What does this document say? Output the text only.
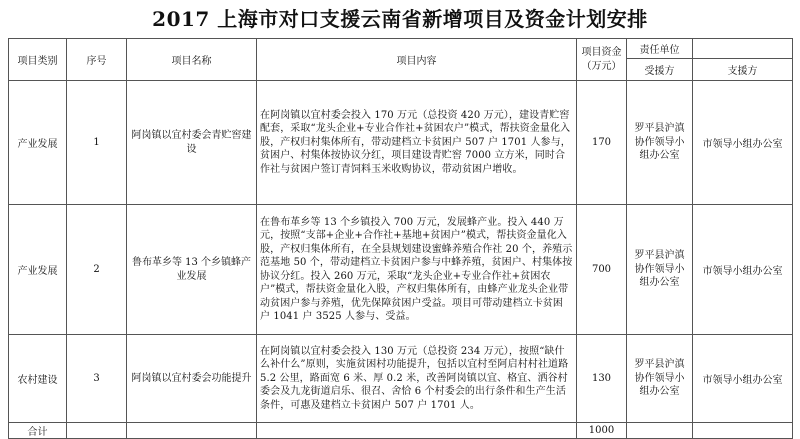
2017 上海市对口支援云南省新增项目及资金计划安排
项目类别	序号	项目名称	项目内容	项目资金（万元）	责任单位	
					受援方	支援方
产业发展	1	阿岗镇以宜村委会青贮窖建设	在阿岗镇以宜村委会投入 170 万元（总投资 420 万元），建设青贮窖配套，采取“龙头企业+专业合作社+贫困农户”模式，帮扶资金量化入股，产权归村集体所有，带动建档立卡贫困户 507 户 1701 人参与，贫困户、村集体按协议分红，项目建设青贮窖 7000 立方米，同时合作社与贫困户签订青饲料玉米收购协议，带动贫困户增收。	170	罗平县沪滇协作领导小组办公室	市领导小组办公室
产业发展	2	鲁布革乡等 13 个乡镇蜂产业发展	在鲁布革乡等 13 个乡镇投入 700 万元，发展蜂产业。投入 440 万元，按照“支部+企业+合作社+基地+贫困户”模式，帮扶资金量化入股，产权归集体所有，在全县规划建设蜜蜂养殖合作社 20 个，养殖示范基地 50 个，带动建档立卡贫困户参与中蜂养殖，贫困户、村集体按协议分红。投入 260 万元，采取“龙头企业+专业合作社+贫困农户”模式，帮扶资金量化入股，产权归集体所有，由蜂产业龙头企业带动贫困户参与养殖，优先保障贫困户受益。项目可带动建档立卡贫困户 1041 户 3525 人参与、受益。	700	罗平县沪滇协作领导小组办公室	市领导小组办公室
农村建设	3	阿岗镇以宜村委会功能提升	在阿岗镇以宜村委会投入 130 万元（总投资 234 万元），按照“缺什么补什么”原则，实施贫困村功能提升，包括以宜村至阿启村村社道路 5.2 公里，路面宽 6 米、厚 0.2 米，改善阿岗镇以宜、格宜、洒谷村委会及九龙街道启乐、很召、舍恰 6 个村委会的出行条件和生产生活条件，可惠及建档立卡贫困户 507 户 1701 人。	130	罗平县沪滇协作领导小组办公室	市领导小组办公室
合计				1000		
